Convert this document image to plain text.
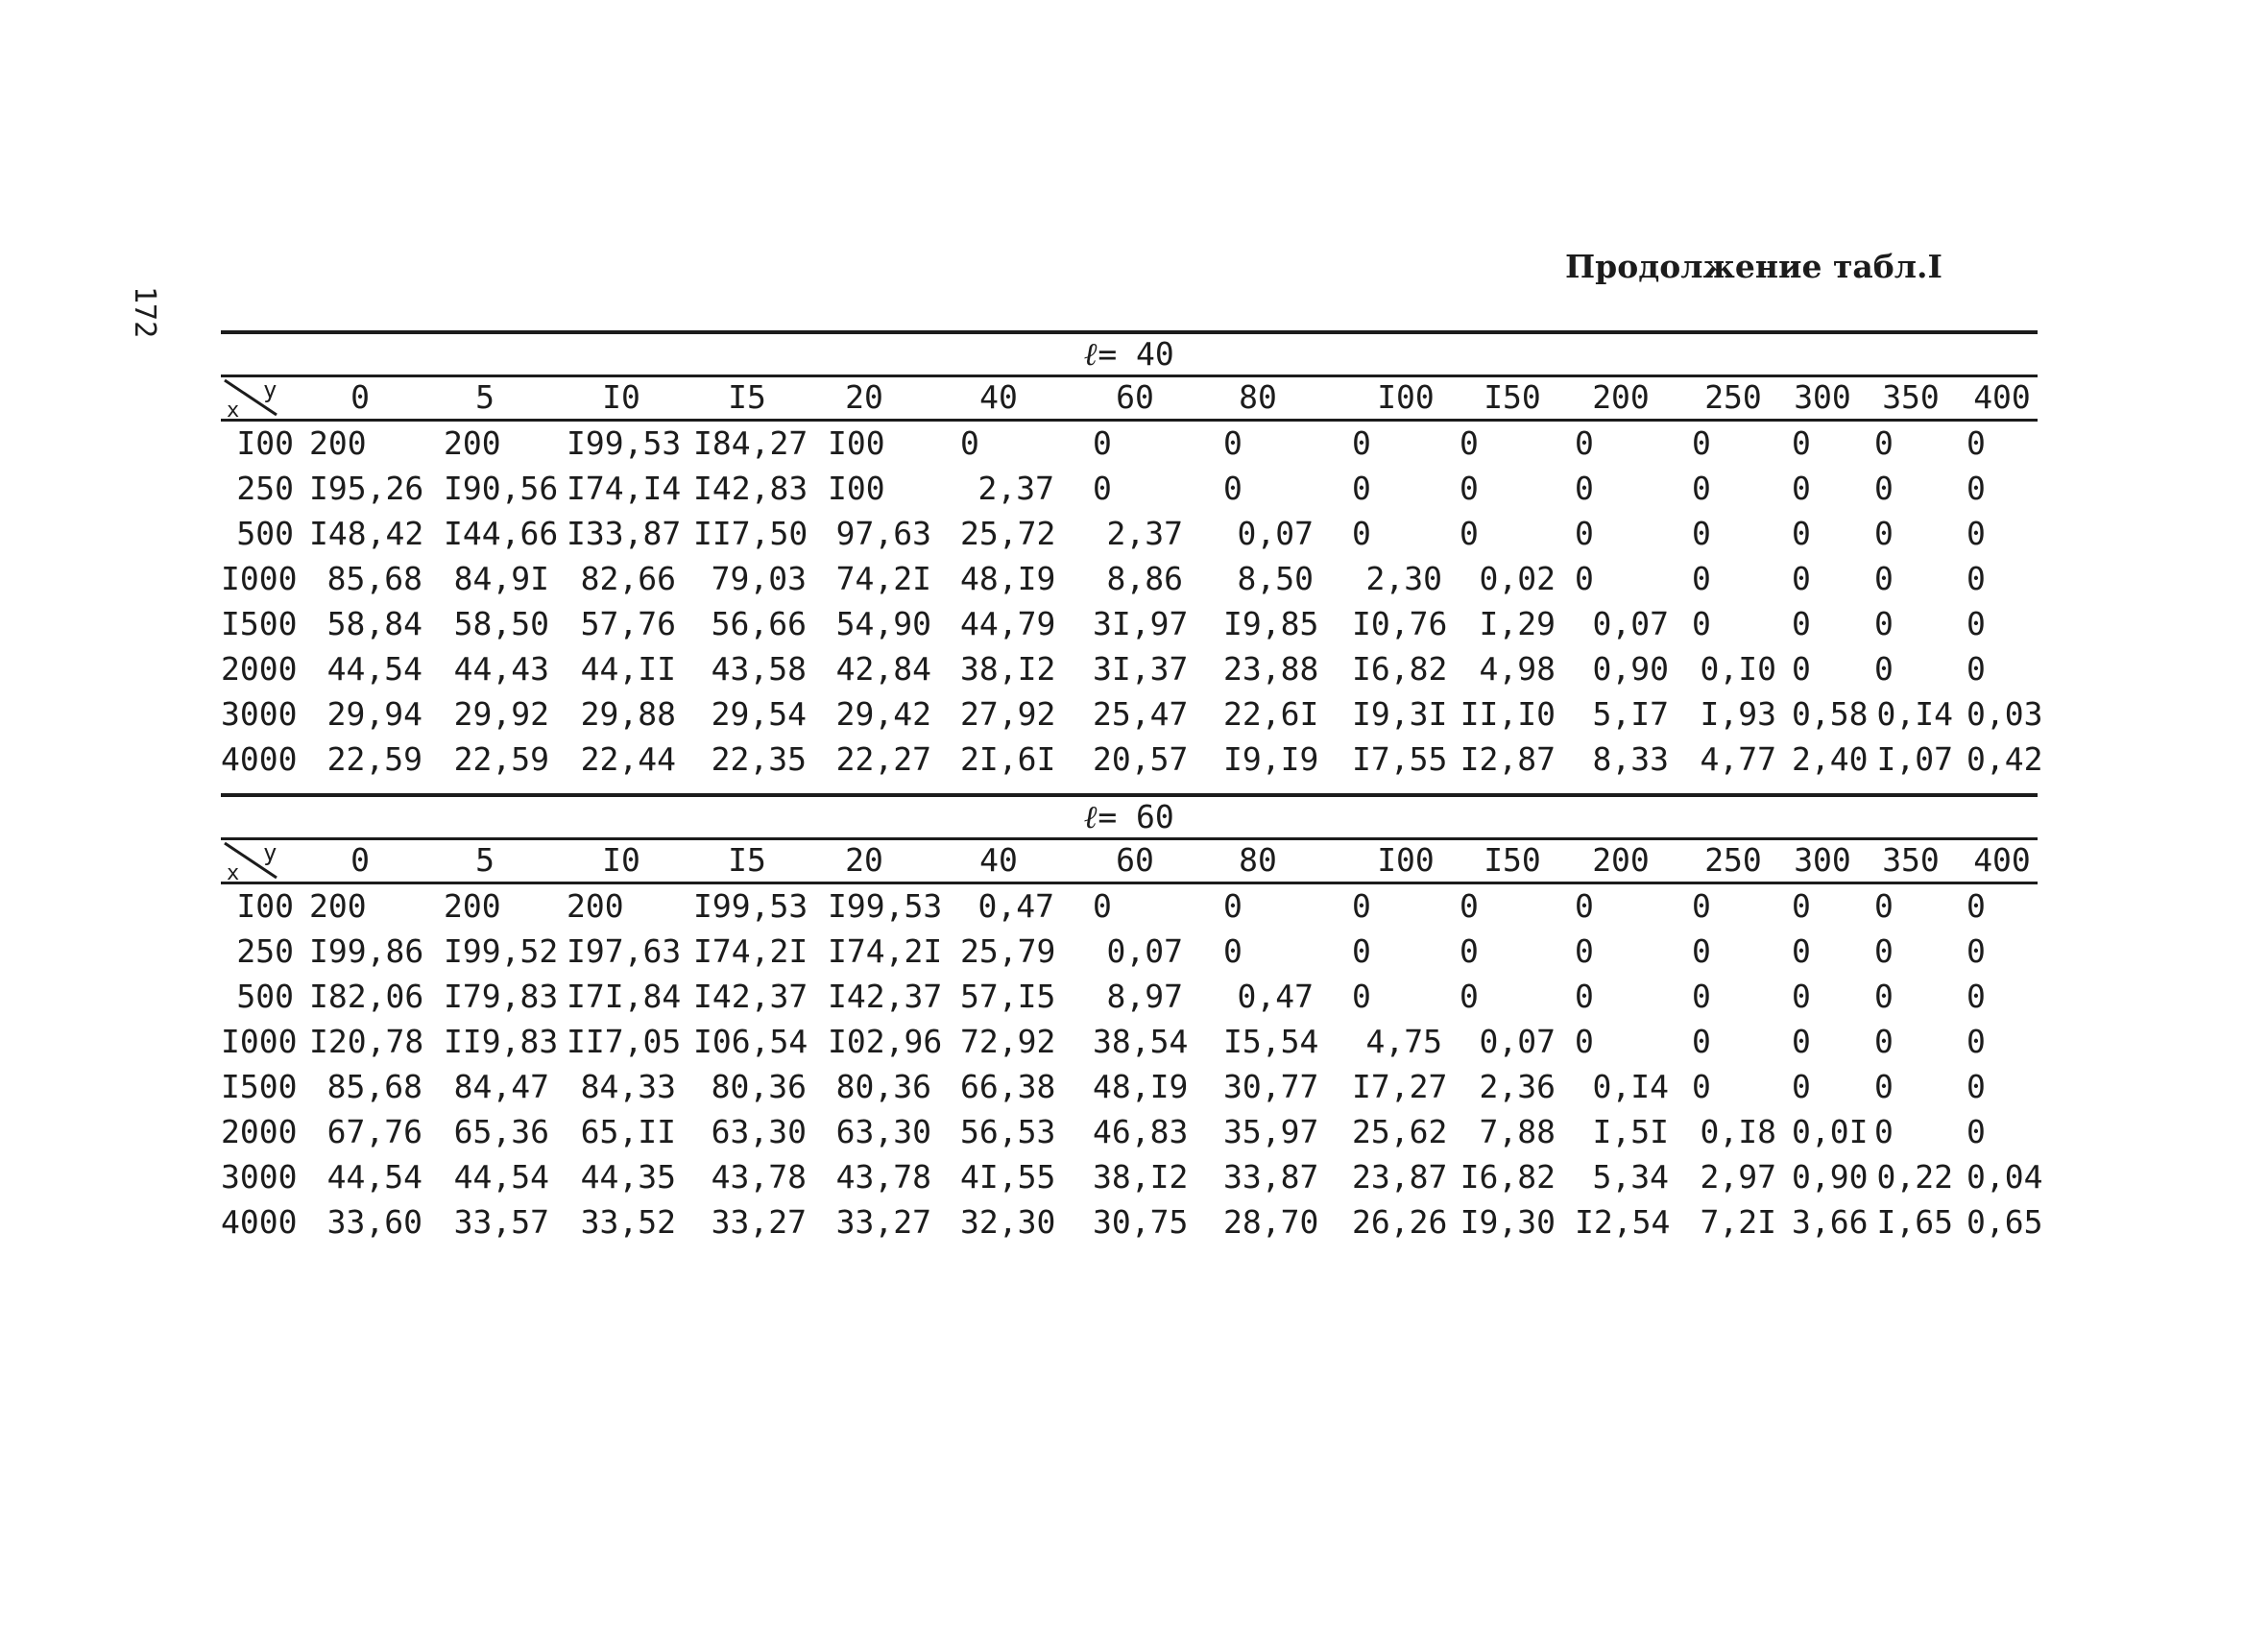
172
Продолжение табл.I
ℓ= 40
y
x	0	5	I0	I5	20	40	60	80	I00	I50	200	250	300 350	400
I00 200	200	I99,53 I84,27 I00	0	0	0	0	0	0	0	0	0	0
250 I95,26 I90,56 I74,I4 I42,83 I00	2,37 0	0	0	0	0	0	0	0	0
500 I48,42 I44,66 I33,87 II7,50 97,63 25,72	2,37	0,07 0	0	0	0	0	0	0
I000 85,68 84,9I 82,66	79,03 74,2I 48,I9	8,86	8,50	2,30	0,02 0	0	0	0	0
I500 58,84 58,50 57,76	56,66 54,90 44,79 3I,97 I9,85 I0,76	I,29	0,07 0	0	0	0
2000 44,54 44,43 44,II	43,58 42,84 38,I2 3I,37 23,88 I6,82	4,98	0,90 0,I0 0	0	0
3000 29,94 29,92 29,88	29,54 29,42 27,92 25,47 22,6I I9,3I II,I0	5,I7 I,93 0,58 0,I4 0,03
4000 22,59 22,59 22,44	22,35 22,27 2I,6I 20,57 I9,I9 I7,55 I2,87	8,33 4,77 2,40 I,07 0,42
ℓ= 60
y
x	0	5	I0	I5	20	40	60	80	I00	I50	200	250	300 350	400
I00 200	200	200	I99,53 I99,53	0,47 0	0	0	0	0	0	0	0	0
250 I99,86 I99,52 I97,63 I74,2I I74,2I 25,79	0,07 0	0	0	0	0	0	0	0
500 I82,06 I79,83 I7I,84 I42,37 I42,37 57,I5	8,97	0,47 0	0	0	0	0	0	0
I000 I20,78 II9,83 II7,05 I06,54 I02,96 72,92 38,54 I5,54	4,75	0,07 0	0	0	0	0
I500 85,68 84,47 84,33	80,36 80,36 66,38 48,I9 30,77 I7,27	2,36	0,I4 0	0	0	0
2000 67,76 65,36 65,II	63,30 63,30 56,53 46,83 35,97 25,62	7,88	I,5I 0,I8 0,0I 0	0
3000 44,54 44,54 44,35	43,78 43,78 4I,55 38,I2 33,87 23,87 I6,82	5,34 2,97 0,90 0,22 0,04
4000 33,60 33,57 33,52	33,27 33,27 32,30 30,75 28,70 26,26 I9,30 I2,54 7,2I 3,66 I,65 0,65
